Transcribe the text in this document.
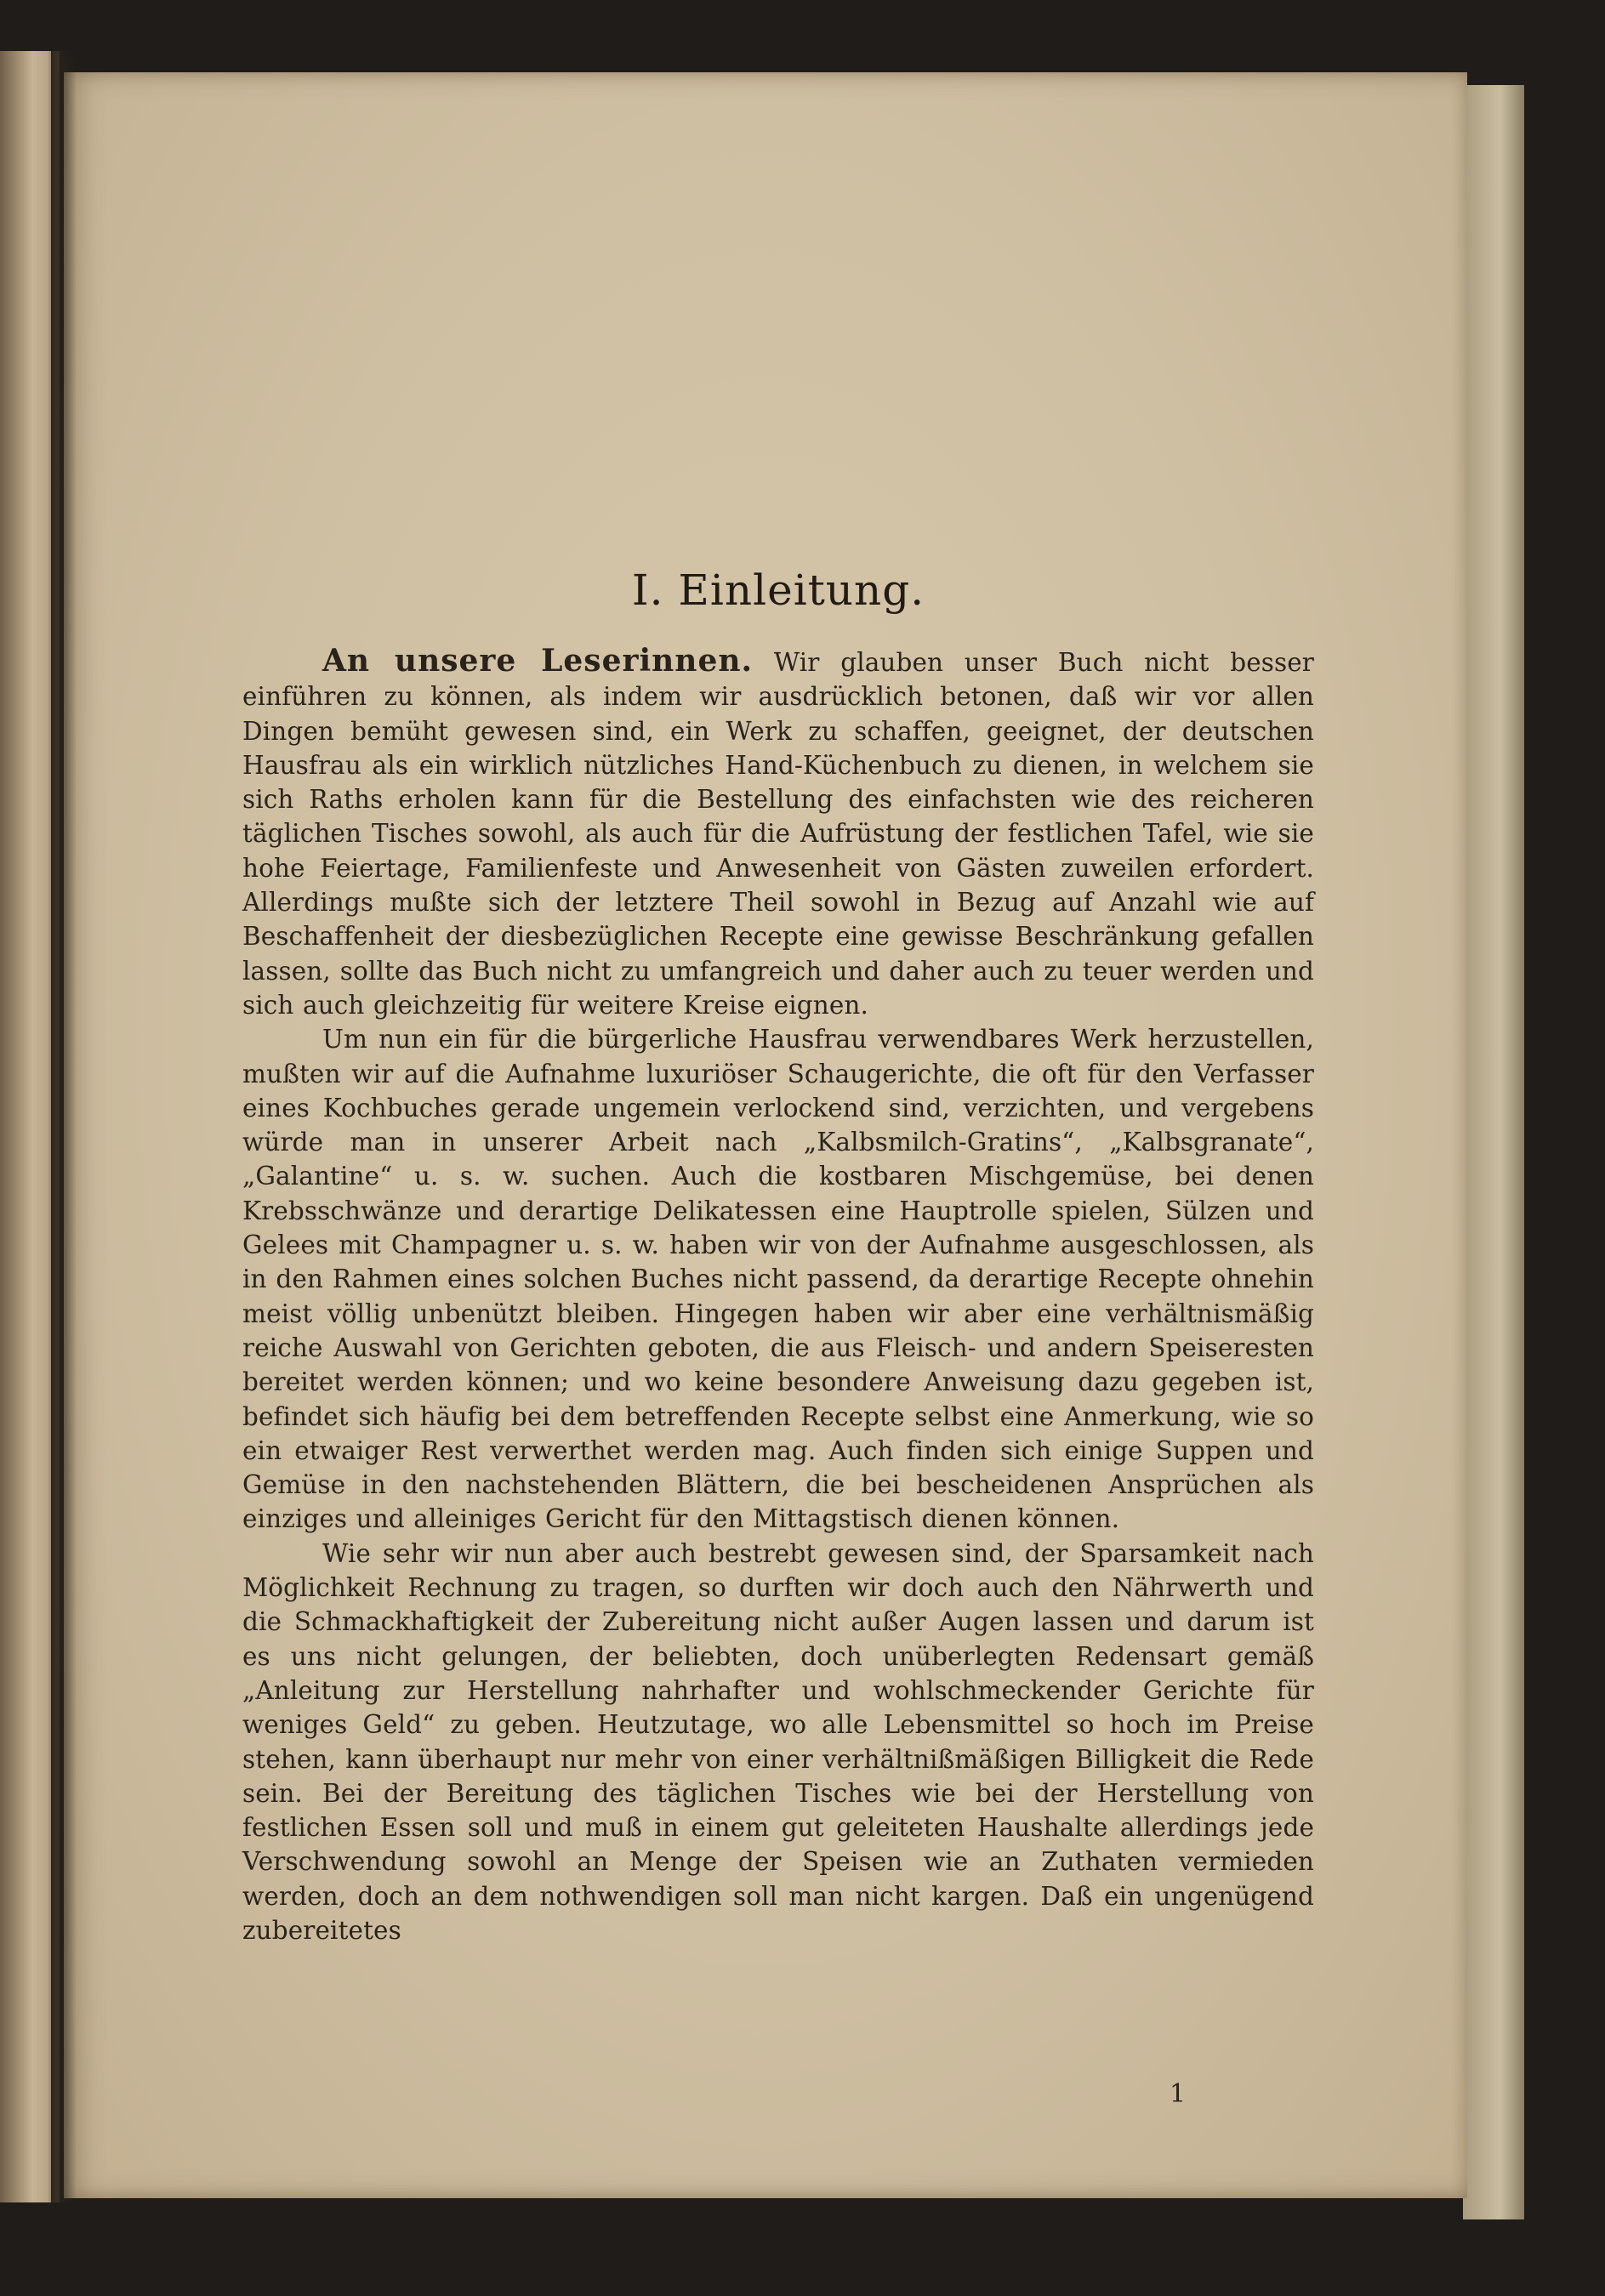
I. Einleitung.

An unsere Leserinnen. Wir glauben unser Buch nicht besser einführen zu können, als indem wir ausdrücklich betonen, daß wir vor allen Dingen bemüht gewesen sind, ein Werk zu schaffen, geeignet, der deutschen Hausfrau als ein wirklich nützliches Hand-Küchenbuch zu dienen, in welchem sie sich Raths erholen kann für die Bestellung des einfachsten wie des reicheren täglichen Tisches sowohl, als auch für die Aufrüstung der festlichen Tafel, wie sie hohe Feiertage, Familienfeste und Anwesenheit von Gästen zuweilen erfordert. Allerdings mußte sich der letztere Theil sowohl in Bezug auf Anzahl wie auf Beschaffenheit der diesbezüglichen Recepte eine gewisse Beschränkung gefallen lassen, sollte das Buch nicht zu umfangreich und daher auch zu teuer werden und sich auch gleichzeitig für weitere Kreise eignen.

Um nun ein für die bürgerliche Hausfrau verwendbares Werk herzustellen, mußten wir auf die Aufnahme luxuriöser Schaugerichte, die oft für den Verfasser eines Kochbuches gerade ungemein verlockend sind, verzichten, und vergebens würde man in unserer Arbeit nach „Kalbsmilch-Gratins“, „Kalbsgranate“, „Galantine“ u. s. w. suchen. Auch die kostbaren Mischgemüse, bei denen Krebsschwänze und derartige Delikatessen eine Hauptrolle spielen, Sülzen und Gelees mit Champagner u. s. w. haben wir von der Aufnahme ausgeschlossen, als in den Rahmen eines solchen Buches nicht passend, da derartige Recepte ohnehin meist völlig unbenützt bleiben. Hingegen haben wir aber eine verhältnismäßig reiche Auswahl von Gerichten geboten, die aus Fleisch- und andern Speiseresten bereitet werden können; und wo keine besondere Anweisung dazu gegeben ist, befindet sich häufig bei dem betreffenden Recepte selbst eine Anmerkung, wie so ein etwaiger Rest verwerthet werden mag. Auch finden sich einige Suppen und Gemüse in den nachstehenden Blättern, die bei bescheidenen Ansprüchen als einziges und alleiniges Gericht für den Mittagstisch dienen können.

Wie sehr wir nun aber auch bestrebt gewesen sind, der Sparsamkeit nach Möglichkeit Rechnung zu tragen, so durften wir doch auch den Nährwerth und die Schmackhaftigkeit der Zubereitung nicht außer Augen lassen und darum ist es uns nicht gelungen, der beliebten, doch unüberlegten Redensart gemäß „Anleitung zur Herstellung nahrhafter und wohlschmeckender Gerichte für weniges Geld“ zu geben. Heutzutage, wo alle Lebensmittel so hoch im Preise stehen, kann überhaupt nur mehr von einer verhältnißmäßigen Billigkeit die Rede sein. Bei der Bereitung des täglichen Tisches wie bei der Herstellung von festlichen Essen soll und muß in einem gut geleiteten Haushalte allerdings jede Verschwendung sowohl an Menge der Speisen wie an Zuthaten vermieden werden, doch an dem nothwendigen soll man nicht kargen. Daß ein ungenügend zubereitetes

1
